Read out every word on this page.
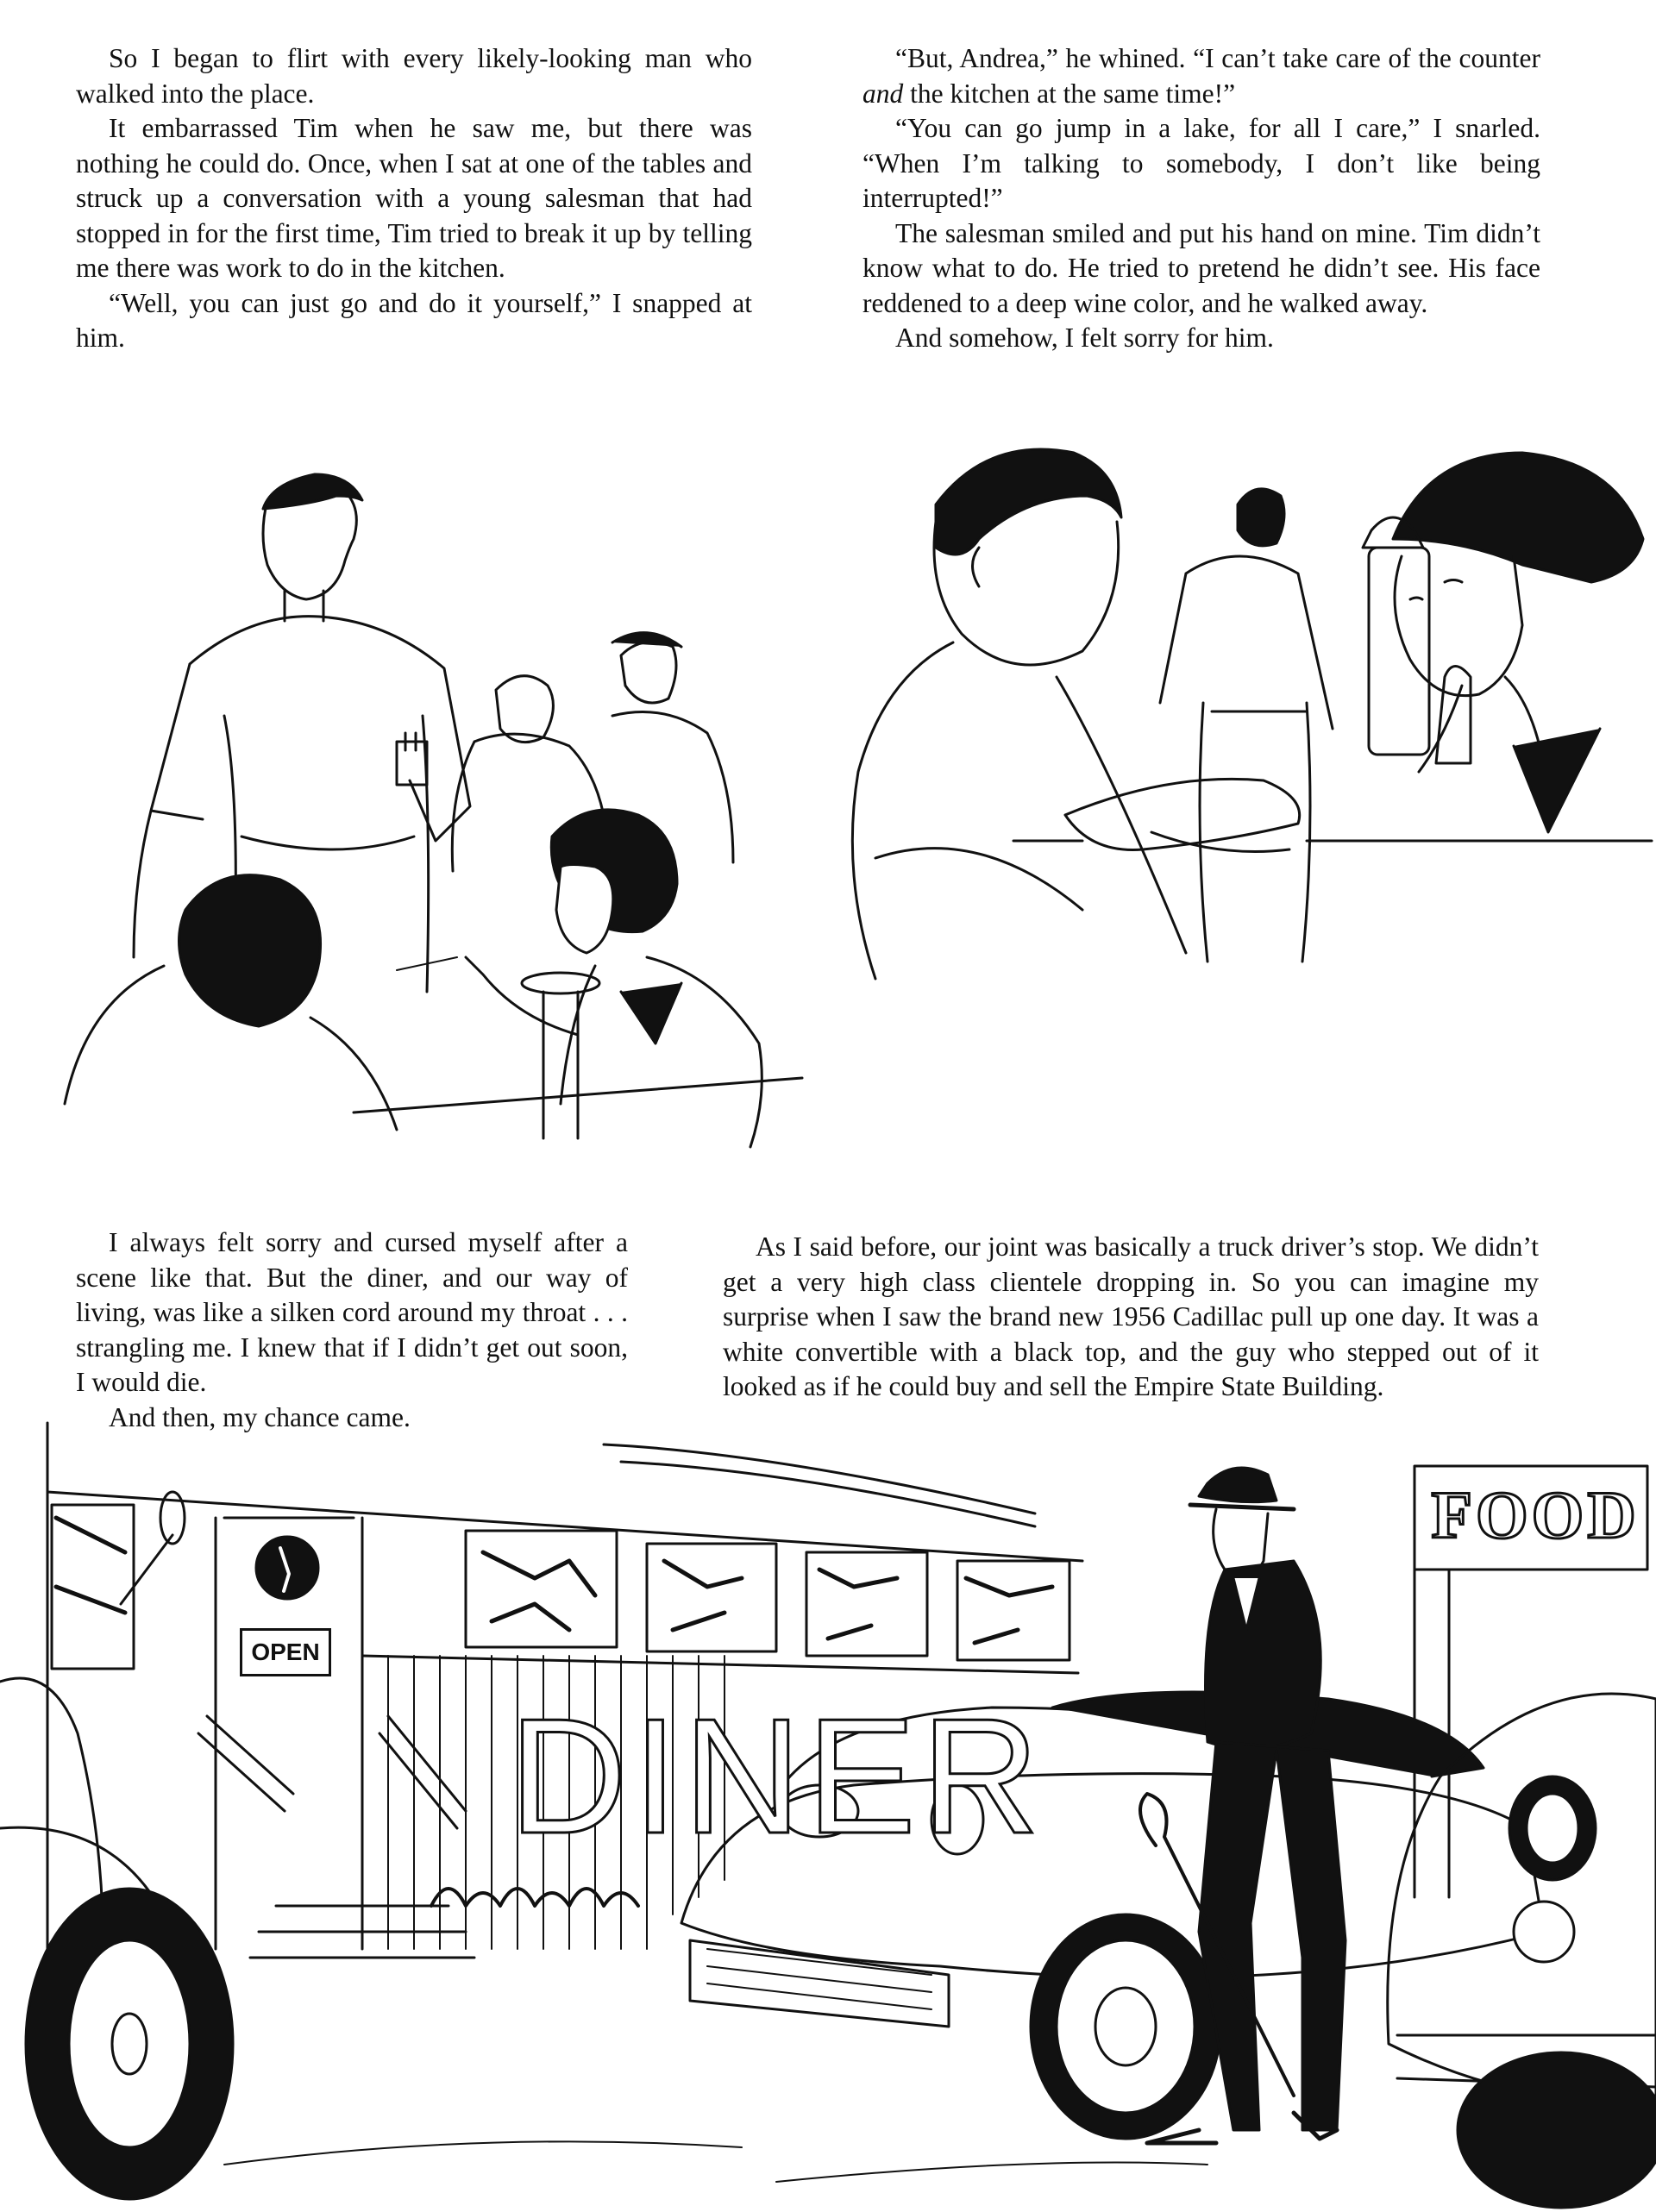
So I began to flirt with every likely-looking man who walked into the place.

It embarrassed Tim when he saw me, but there was nothing he could do. Once, when I sat at one of the tables and struck up a conversation with a young salesman that had stopped in for the first time, Tim tried to break it up by telling me there was work to do in the kitchen.

“Well, you can just go and do it yourself,” I snapped at him.

“But, Andrea,” he whined. “I can’t take care of the counter and the kitchen at the same time!”

“You can go jump in a lake, for all I care,” I snarled. “When I’m talking to somebody, I don’t like being interrupted!”

The salesman smiled and put his hand on mine. Tim didn’t know what to do. He tried to pretend he didn’t see. His face reddened to a deep wine color, and he walked away.

And somehow, I felt sorry for him.

I always felt sorry and cursed myself after a scene like that. But the diner, and our way of living, was like a silken cord around my throat . . . strangling me. I knew that if I didn’t get out soon, I would die.

And then, my chance came.

As I said before, our joint was basically a truck driver’s stop. We didn’t get a very high class clientele dropping in. So you can imagine my surprise when I saw the brand new 1956 Cadillac pull up one day. It was a white convertible with a black top, and the guy who stepped out of it looked as if he could buy and sell the Empire State Building.

OPEN
FOOD
DINER
